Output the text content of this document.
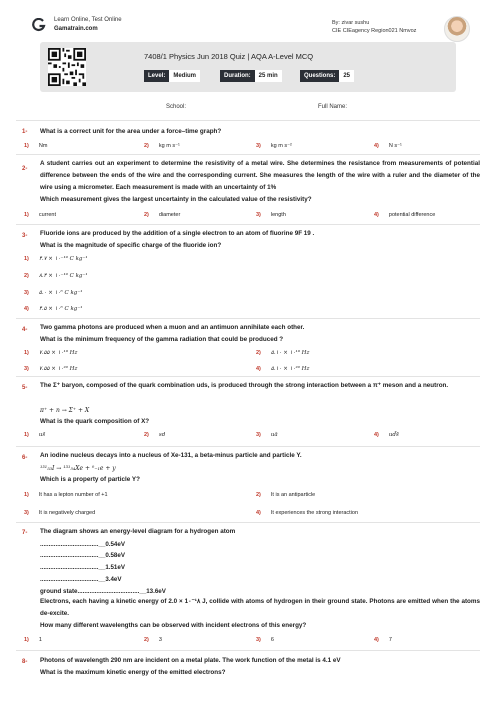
Learn Online, Test Online
Gamatrain.com
By: zivar sushu
CIE CIEagency Region021 Nmvoz
7408/1 Physics Jun 2018 Quiz | AQA A-Level MCQ
Level:	Medium	Duration:	25 min	Questions:	25
School:	Full Name:
1- What is a correct unit for the area under a force–time graph?
1) Nm	2) kg m s⁻¹	3) kg m s⁻²	4) N s⁻¹
2-
A student carries out an experiment to determine the resistivity of a metal wire. She determines the resistance from measurements of potential difference between the ends of the wire and the corresponding current. She measures the length of the wire with a ruler and the diameter of the wire using a micrometer. Each measurement is made with an uncertainty of 1%
Which measurement gives the largest uncertainty in the calculated value of the resistivity?
1) current	2) diameter	3) length	4) potential difference
3- Fluoride ions are produced by the addition of a single electron to an atom of fluorine 9F 19 .
What is the magnitude of specific charge of the fluoride ion?
1) ۴.۷ × ۱۰⁻¹⁹ C kg⁻¹
2) ۸.۴ × ۱۰⁻¹⁹ C kg⁻¹
3) ۵.۰ × ۱۰⁶ C kg⁻¹
4) ۴.۵ × ۱۰⁶ C kg⁻¹
4- Two gamma photons are produced when a muon and an antimuon annihilate each other.
What is the minimum frequency of the gamma radiation that could be produced ?
1) ۷.۵۵ × ۱۰¹⁹ Hz	2) ۵.۱۰ × ۱۰¹⁹ Hz
3) ۷.۵۵ × ۱۰²⁰ Hz	4) ۵.۱۰ × ۱۰²⁰ Hz
5- The Σ⁺ baryon, composed of the quark combination uds, is produced through the strong interaction between a π⁺ meson and a neutron.
π⁺ + n → Σ⁺ + X
What is the quark composition of X?
1) us̄	2) sd	3) uā	4) ud̄s̄
6- An iodine nucleus decays into a nucleus of Xe-131, a beta-minus particle and particle Y.
¹³¹₅₃I → ¹³¹₅₄Xe + ⁰₋₁e + y
Which is a property of particle Y?
1) It has a lepton number of +1	2) It is an antiparticle
3) It is negatively charged	4) It experiences the strong interaction
7- The diagram shows an energy-level diagram for a hydrogen atom
..................................__0.54eV
..................................__0.58eV
..................................__1.51eV
..................................__3.4eV
ground state....................................__13.6eV
Electrons, each having a kinetic energy of 2.0 × 1۰⁻¹۸ J, collide with atoms of hydrogen in their ground state. Photons are emitted when the atoms de-excite.
How many different wavelengths can be observed with incident electrons of this energy?
1) 1	2) 3	3) 6	4) 7
8- Photons of wavelength 290 nm are incident on a metal plate. The work function of the metal is 4.1 eV
What is the maximum kinetic energy of the emitted electrons?
